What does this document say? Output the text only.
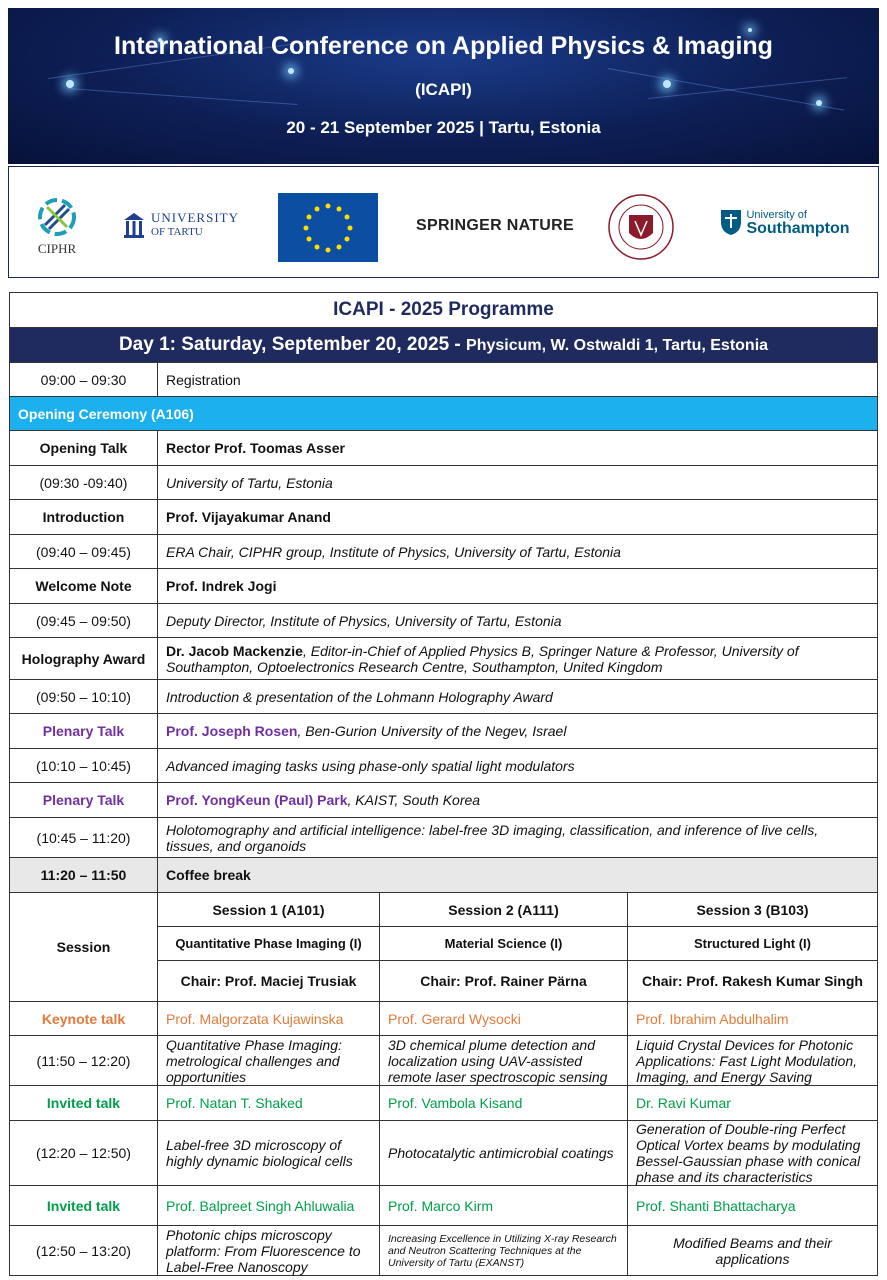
International Conference on Applied Physics & Imaging
(ICAPI)
20 - 21 September 2025 | Tartu, Estonia
CIPHR
UNIVERSITY
OF TARTU	SPRINGER NATURE
University of
Southampton
ICAPI - 2025 Programme			
Day 1: Saturday, September 20, 2025 - Physicum, W. Ostwaldi 1, Tartu, Estonia			
09:00 – 09:30	Registration		
Opening Ceremony (A106)			
Opening Talk	Rector Prof. Toomas Asser		
(09:30 -09:40)	University of Tartu, Estonia		
Introduction	Prof. Vijayakumar Anand		
(09:40 – 09:45)	ERA Chair, CIPHR group, Institute of Physics, University of Tartu, Estonia		
Welcome Note	Prof. Indrek Jogi		
(09:45 – 09:50)	Deputy Director, Institute of Physics, University of Tartu, Estonia		
Holography Award	Dr. Jacob Mackenzie, Editor-in-Chief of Applied Physics B, Springer Nature & Professor, University of Southampton, Optoelectronics Research Centre, Southampton, United Kingdom		
(09:50 – 10:10)	Introduction & presentation of the Lohmann Holography Award		
Plenary Talk	Prof. Joseph Rosen, Ben-Gurion University of the Negev, Israel		
(10:10 – 10:45)	Advanced imaging tasks using phase-only spatial light modulators		
Plenary Talk	Prof. YongKeun (Paul) Park, KAIST, South Korea		
(10:45 – 11:20)	Holotomography and artificial intelligence: label-free 3D imaging, classification, and inference of live cells, tissues, and organoids		
11:20 – 11:50	Coffee break		
Session	Session 1 (A101)	Session 2 (A111)	Session 3 (B103)
	Quantitative Phase Imaging (I)	Material Science (I)	Structured Light (I)
	Chair: Prof. Maciej Trusiak	Chair: Prof. Rainer Pärna	Chair: Prof. Rakesh Kumar Singh
Keynote talk	Prof. Malgorzata Kujawinska	Prof. Gerard Wysocki	Prof. Ibrahim Abdulhalim
(11:50 – 12:20)	Quantitative Phase Imaging: metrological challenges and opportunities	3D chemical plume detection and localization using UAV-assisted remote laser spectroscopic sensing	Liquid Crystal Devices for Photonic Applications: Fast Light Modulation, Imaging, and Energy Saving
Invited talk	Prof. Natan T. Shaked	Prof. Vambola Kisand	Dr. Ravi Kumar
(12:20 – 12:50)	Label-free 3D microscopy of highly dynamic biological cells	Photocatalytic antimicrobial coatings	Generation of Double-ring Perfect Optical Vortex beams by modulating Bessel-Gaussian phase with conical phase and its characteristics
Invited talk	Prof. Balpreet Singh Ahluwalia	Prof. Marco Kirm	Prof. Shanti Bhattacharya
(12:50 – 13:20)	Photonic chips microscopy platform: From Fluorescence to Label-Free Nanoscopy	Increasing Excellence in Utilizing X-ray Research and Neutron Scattering Techniques at the University of Tartu (EXANST)	Modified Beams and their applications
